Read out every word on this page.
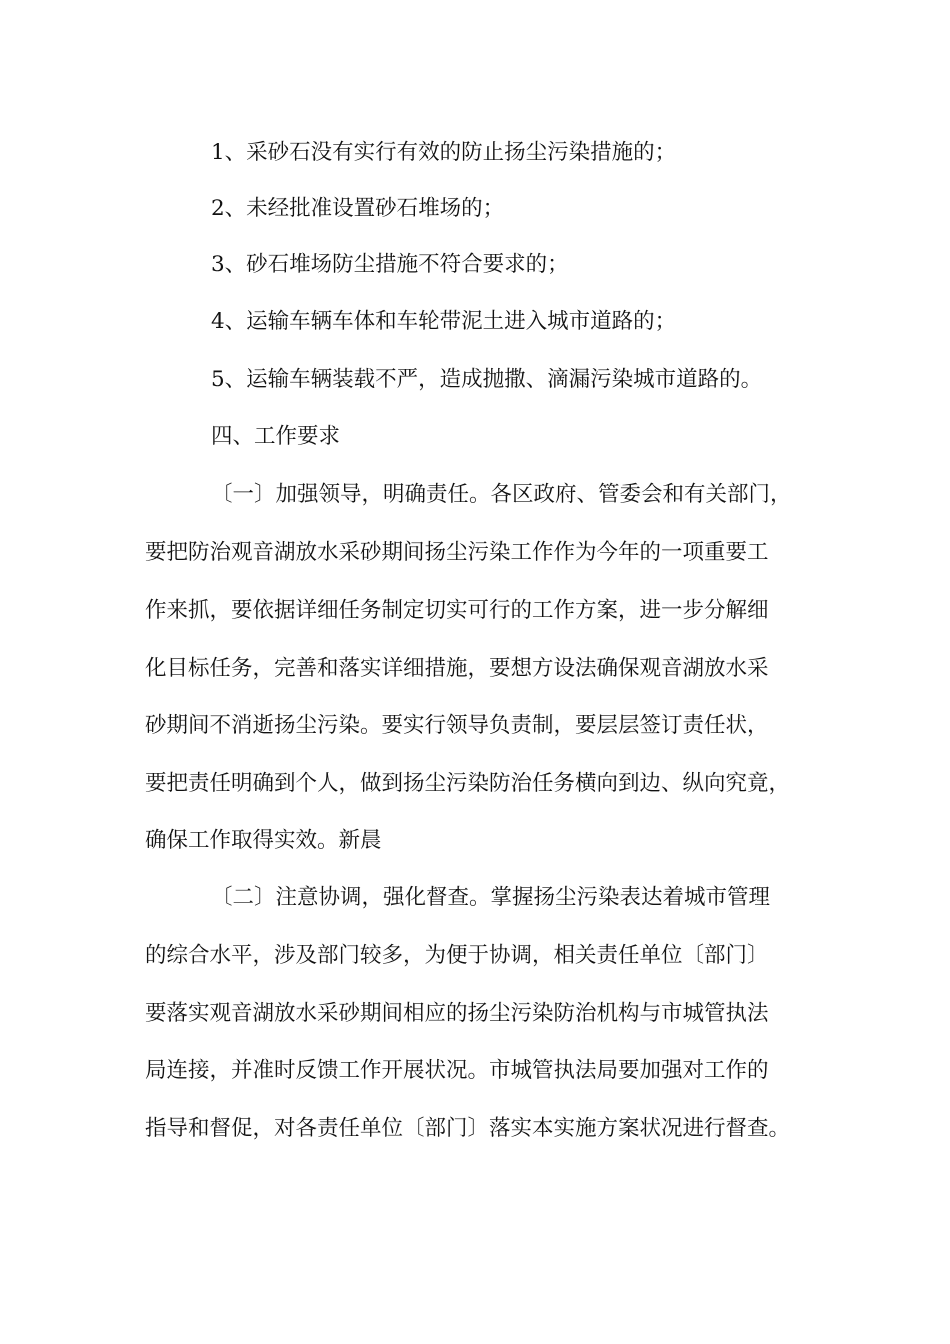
1、采砂石没有实行有效的防止扬尘污染措施的；

2、未经批准设置砂石堆场的；

3、砂石堆场防尘措施不符合要求的；

4、运输车辆车体和车轮带泥土进入城市道路的；

5、运输车辆装载不严，造成抛撒、滴漏污染城市道路的。

四、工作要求

〔一〕加强领导，明确责任。各区政府、管委会和有关部门，

要把防治观音湖放水采砂期间扬尘污染工作作为今年的一项重要工

作来抓，要依据详细任务制定切实可行的工作方案，进一步分解细

化目标任务，完善和落实详细措施，要想方设法确保观音湖放水采

砂期间不消逝扬尘污染。要实行领导负责制，要层层签订责任状，

要把责任明确到个人，做到扬尘污染防治任务横向到边、纵向究竟，

确保工作取得实效。新晨

〔二〕注意协调，强化督查。掌握扬尘污染表达着城市管理

的综合水平，涉及部门较多，为便于协调，相关责任单位〔部门〕

要落实观音湖放水采砂期间相应的扬尘污染防治机构与市城管执法

局连接，并准时反馈工作开展状况。市城管执法局要加强对工作的

指导和督促，对各责任单位〔部门〕落实本实施方案状况进行督查。
